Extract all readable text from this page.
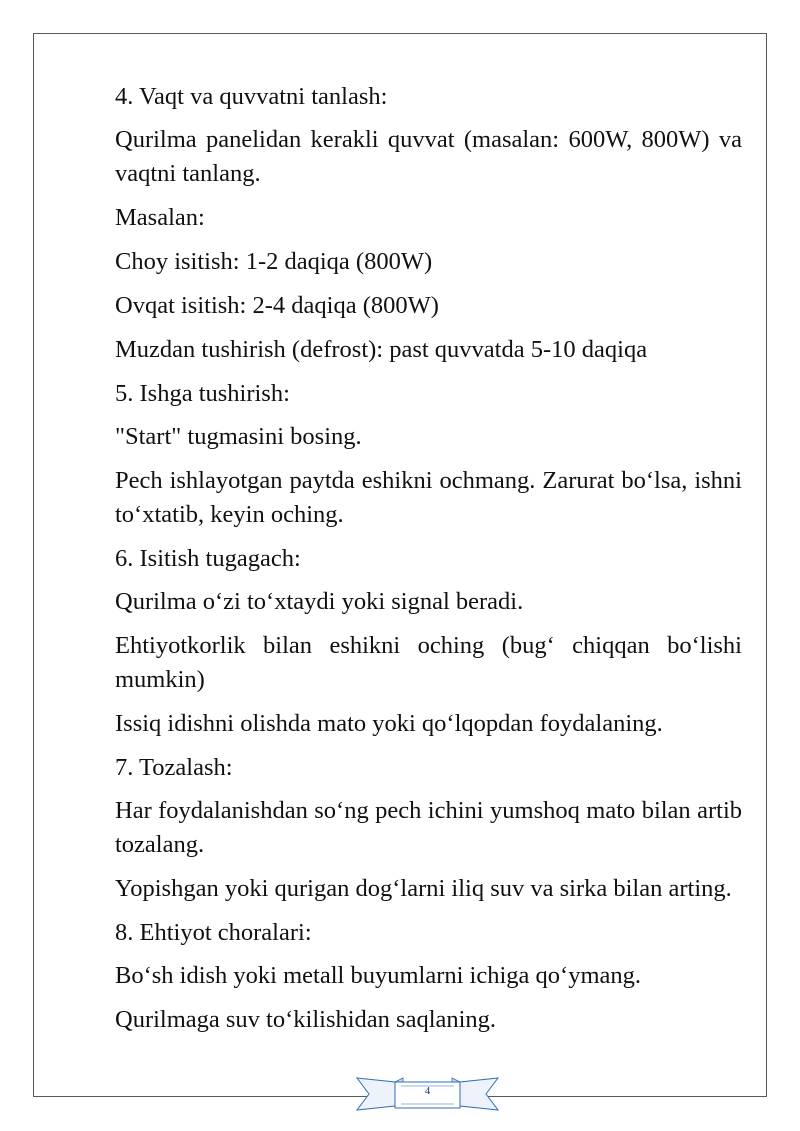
4. Vaqt va quvvatni tanlash:

Qurilma panelidan kerakli quvvat (masalan: 600W, 800W) va vaqtni tanlang.

Masalan:

Choy isitish: 1-2 daqiqa (800W)

Ovqat isitish: 2-4 daqiqa (800W)

Muzdan tushirish (defrost): past quvvatda 5-10 daqiqa

5. Ishga tushirish:

"Start" tugmasini bosing.

Pech ishlayotgan paytda eshikni ochmang. Zarurat bo‘lsa, ishni to‘xtatib, keyin oching.

6. Isitish tugagach:

Qurilma o‘zi to‘xtaydi yoki signal beradi.

Ehtiyotkorlik bilan eshikni oching (bug‘ chiqqan bo‘lishi mumkin)

Issiq idishni olishda mato yoki qo‘lqopdan foydalaning.

7. Tozalash:

Har foydalanishdan so‘ng pech ichini yumshoq mato bilan artib tozalang.

Yopishgan yoki qurigan dog‘larni iliq suv va sirka bilan arting.

8. Ehtiyot choralari:

Bo‘sh idish yoki metall buyumlarni ichiga qo‘ymang.

Qurilmaga suv to‘kilishidan saqlaning.

4
